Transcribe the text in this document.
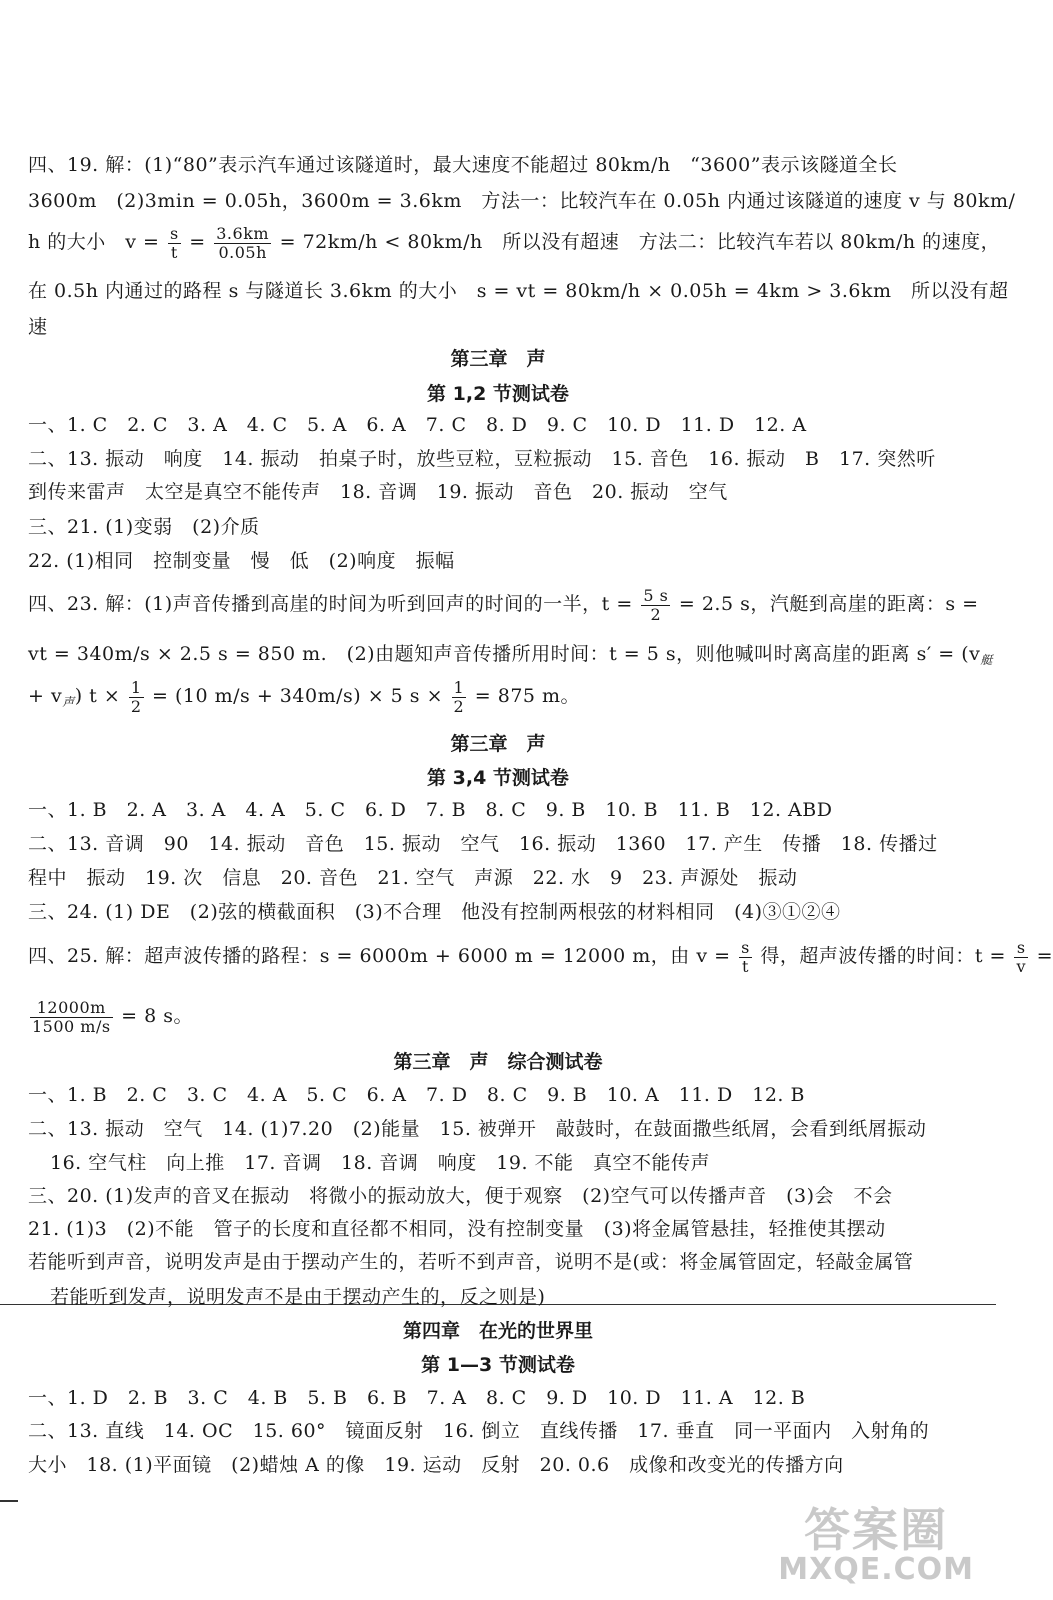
四、19. 解：(1)“80”表示汽车通过该隧道时，最大速度不能超过 80km/h　“3600”表示该隧道全长
3600m　(2)3min = 0.05h，3600m = 3.6km　方法一：比较汽车在 0.05h 内通过该隧道的速度 v 与 80km/
h 的大小　$v = \frac{s}{t} = \frac{3.6km}{0.05h} = 72km/h < 80km/h$　所以没有超速　方法二：比较汽车若以 80km/h 的速度，
在 0.5h 内通过的路程 s 与隧道长 3.6km 的大小　s = vt = 80km/h × 0.05h = 4km > 3.6km　所以没有超
速
第三章　声
第 1,2 节测试卷
一、1. C　2. C　3. A　4. C　5. A　6. A　7. C　8. D　9. C　10. D　11. D　12. A
二、13. 振动　响度　14. 振动　拍桌子时，放些豆粒，豆粒振动　15. 音色　16. 振动　B　17. 突然听
到传来雷声　太空是真空不能传声　18. 音调　19. 振动　音色　20. 振动　空气
三、21. (1)变弱　(2)介质
22. (1)相同　控制变量　慢　低　(2)响度　振幅
四、23. 解：(1)声音传播到高崖的时间为听到回声的时间的一半，$t = \frac{5 s}{2} = 2.5$ s，汽艇到高崖的距离：s =
vt = 340m/s × 2.5 s = 850 m.　(2)由题知声音传播所用时间：t = 5 s，则他喊叫时离高崖的距离 $s' = (v_艇$
+ $v_声$) $t \times \frac{1}{2} = (10$ m/s + 340m/s) × 5 $s \times \frac{1}{2} = 875$ m。
第三章　声
第 3,4 节测试卷
一、1. B　2. A　3. A　4. A　5. C　6. D　7. B　8. C　9. B　10. B　11. B　12. ABD
二、13. 音调　90　14. 振动　音色　15. 振动　空气　16. 振动　1360　17. 产生　传播　18. 传播过
程中　振动　19. 次　信息　20. 音色　21. 空气　声源　22. 水　9　23. 声源处　振动
三、24. (1) DE　(2)弦的横截面积　(3)不合理　他没有控制两根弦的材料相同　(4)③①②④
四、25. 解：超声波传播的路程：s = 6000m + 6000 m = 12000 m，由 $v = \frac{s}{t}$ 得，超声波传播的时间：$t = \frac{s}{v}$ =
$\frac{12000m}{1500 m/s} = 8$ s。
第三章　声　综合测试卷
一、1. B　2. C　3. C　4. A　5. C　6. A　7. D　8. C　9. B　10. A　11. D　12. B
二、13. 振动　空气　14. (1)7.20　(2)能量　15. 被弹开　敲鼓时，在鼓面撒些纸屑，会看到纸屑振动
16. 空气柱　向上推　17. 音调　18. 音调　响度　19. 不能　真空不能传声
三、20. (1)发声的音叉在振动　将微小的振动放大，便于观察　(2)空气可以传播声音　(3)会　不会
21. (1)3　(2)不能　管子的长度和直径都不相同，没有控制变量　(3)将金属管悬挂，轻推使其摆动
若能听到声音，说明发声是由于摆动产生的，若听不到声音，说明不是(或：将金属管固定，轻敲金属管
若能听到发声，说明发声不是由于摆动产生的，反之则是)
第四章　在光的世界里
第 1—3 节测试卷
一、1. D　2. B　3. C　4. B　5. B　6. B　7. A　8. C　9. D　10. D　11. A　12. B
二、13. 直线　14. OC　15. 60°　镜面反射　16. 倒立　直线传播　17. 垂直　同一平面内　入射角的
大小　18. (1)平面镜　(2)蜡烛 A 的像　19. 运动　反射　20. 0.6　成像和改变光的传播方向
答案圈
MXQE.COM
